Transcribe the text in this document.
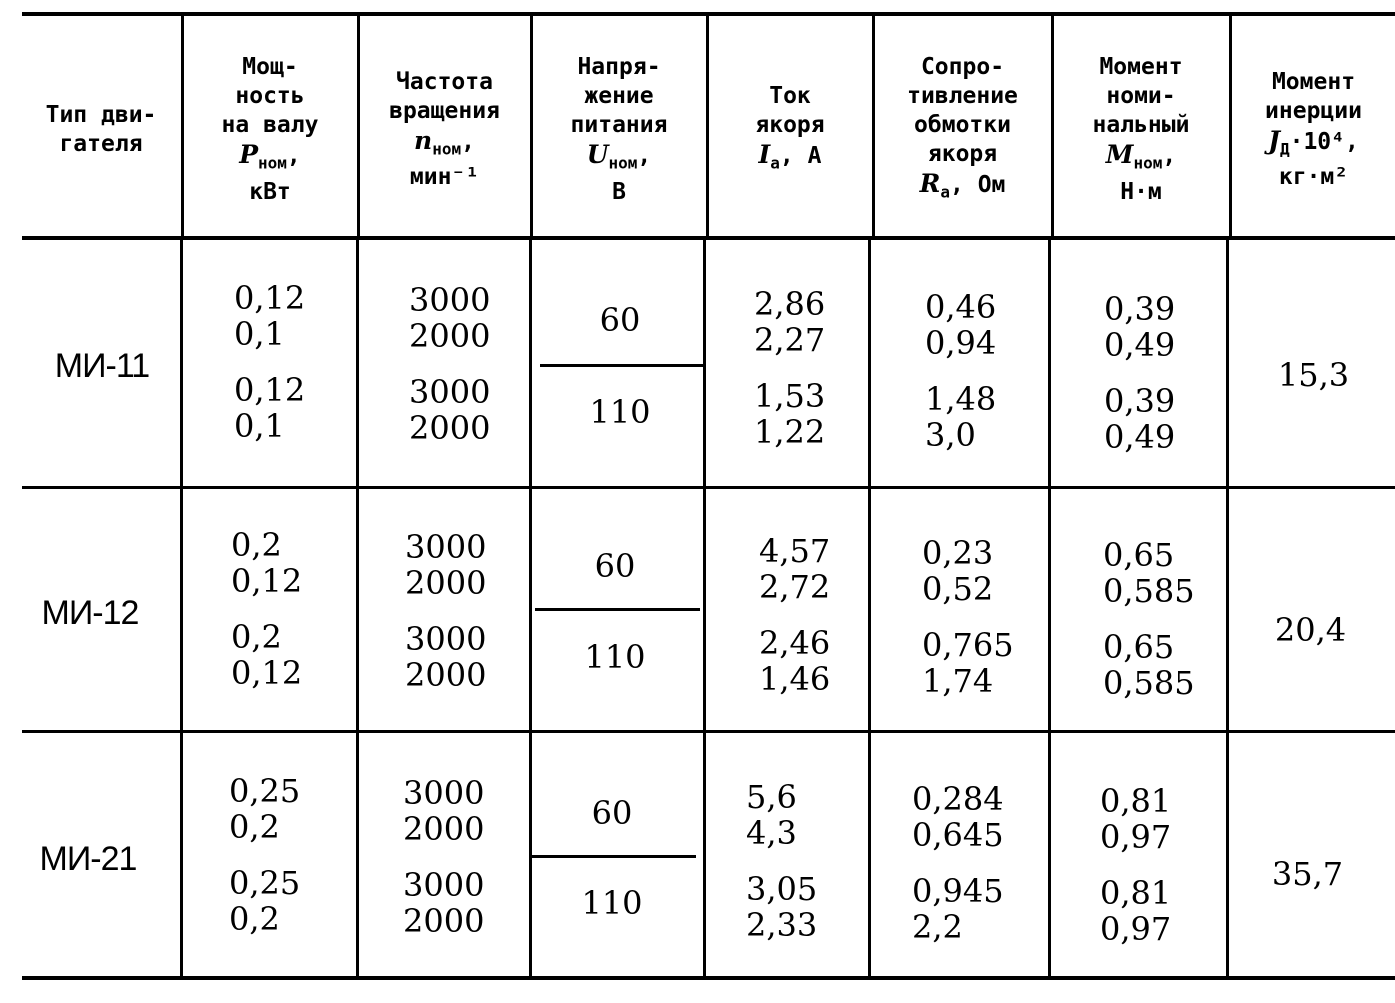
Тип дви-
гателя
Мощ-
ность
на валу
$P_{ном}$,
кВт
Частота
вращения
$n_{ном}$,
мин⁻¹
Напря-
жение
питания
$U_{ном}$,
В
Ток
якоря
$I_а$, А
Сопро-
тивление
обмотки
якоря
$R_а$, Ом
Момент
номи-
нальный
$M_{ном}$,
Н·м
Момент
инерции
$J_Д\cdot 10^4$,
кг·м²
МИ-11
0,12
0,1
0,12
0,1
3000
2000
3000
2000
60
110
2,86
2,27
1,53
1,22
0,46
0,94
1,48
3,0
0,39
0,49
0,39
0,49
15,3
МИ-12
0,2
0,12
0,2
0,12
3000
2000
3000
2000
60
110
4,57
2,72
2,46
1,46
0,23
0,52
0,765
1,74
0,65
0,585
0,65
0,585
20,4
МИ-21
0,25
0,2
0,25
0,2
3000
2000
3000
2000
60
110
5,6
4,3
3,05
2,33
0,284
0,645
0,945
2,2
0,81
0,97
0,81
0,97
35,7
